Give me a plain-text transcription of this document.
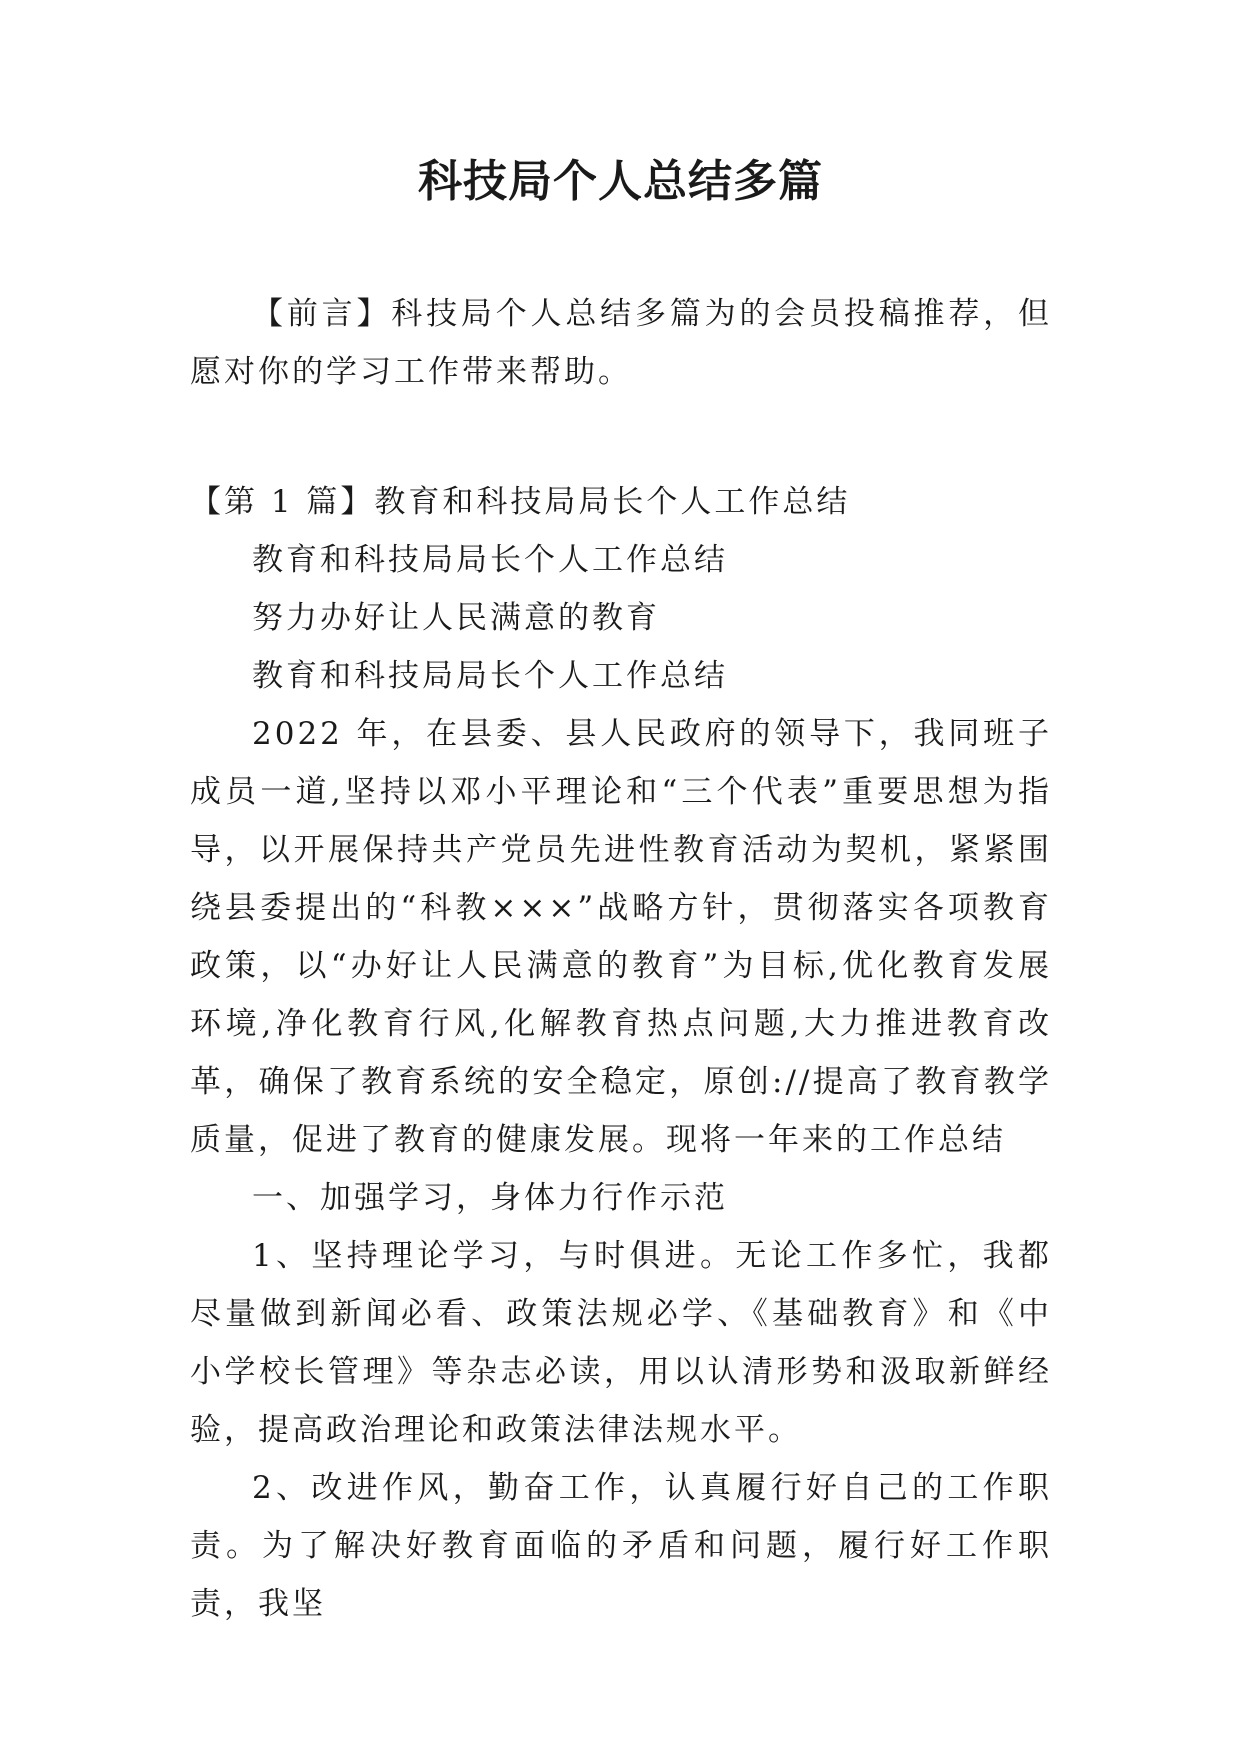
科技局个人总结多篇

【前言】科技局个人总结多篇为的会员投稿推荐，但愿对你的学习工作带来帮助。

【第 1 篇】教育和科技局局长个人工作总结

教育和科技局局长个人工作总结

努力办好让人民满意的教育

教育和科技局局长个人工作总结

2022 年，在县委、县人民政府的领导下，我同班子成员一道,坚持以邓小平理论和“三个代表”重要思想为指导，以开展保持共产党员先进性教育活动为契机，紧紧围绕县委提出的“科教×××”战略方针，贯彻落实各项教育政策，以“办好让人民满意的教育”为目标,优化教育发展环境,净化教育行风,化解教育热点问题,大力推进教育改革，确保了教育系统的安全稳定，原创://提高了教育教学质量，促进了教育的健康发展。现将一年来的工作总结

一、加强学习，身体力行作示范

1、坚持理论学习，与时俱进。无论工作多忙，我都尽量做到新闻必看、政策法规必学、《基础教育》和《中小学校长管理》等杂志必读，用以认清形势和汲取新鲜经验，提高政治理论和政策法律法规水平。

2、改进作风，勤奋工作，认真履行好自己的工作职责。为了解决好教育面临的矛盾和问题，履行好工作职责，我坚
